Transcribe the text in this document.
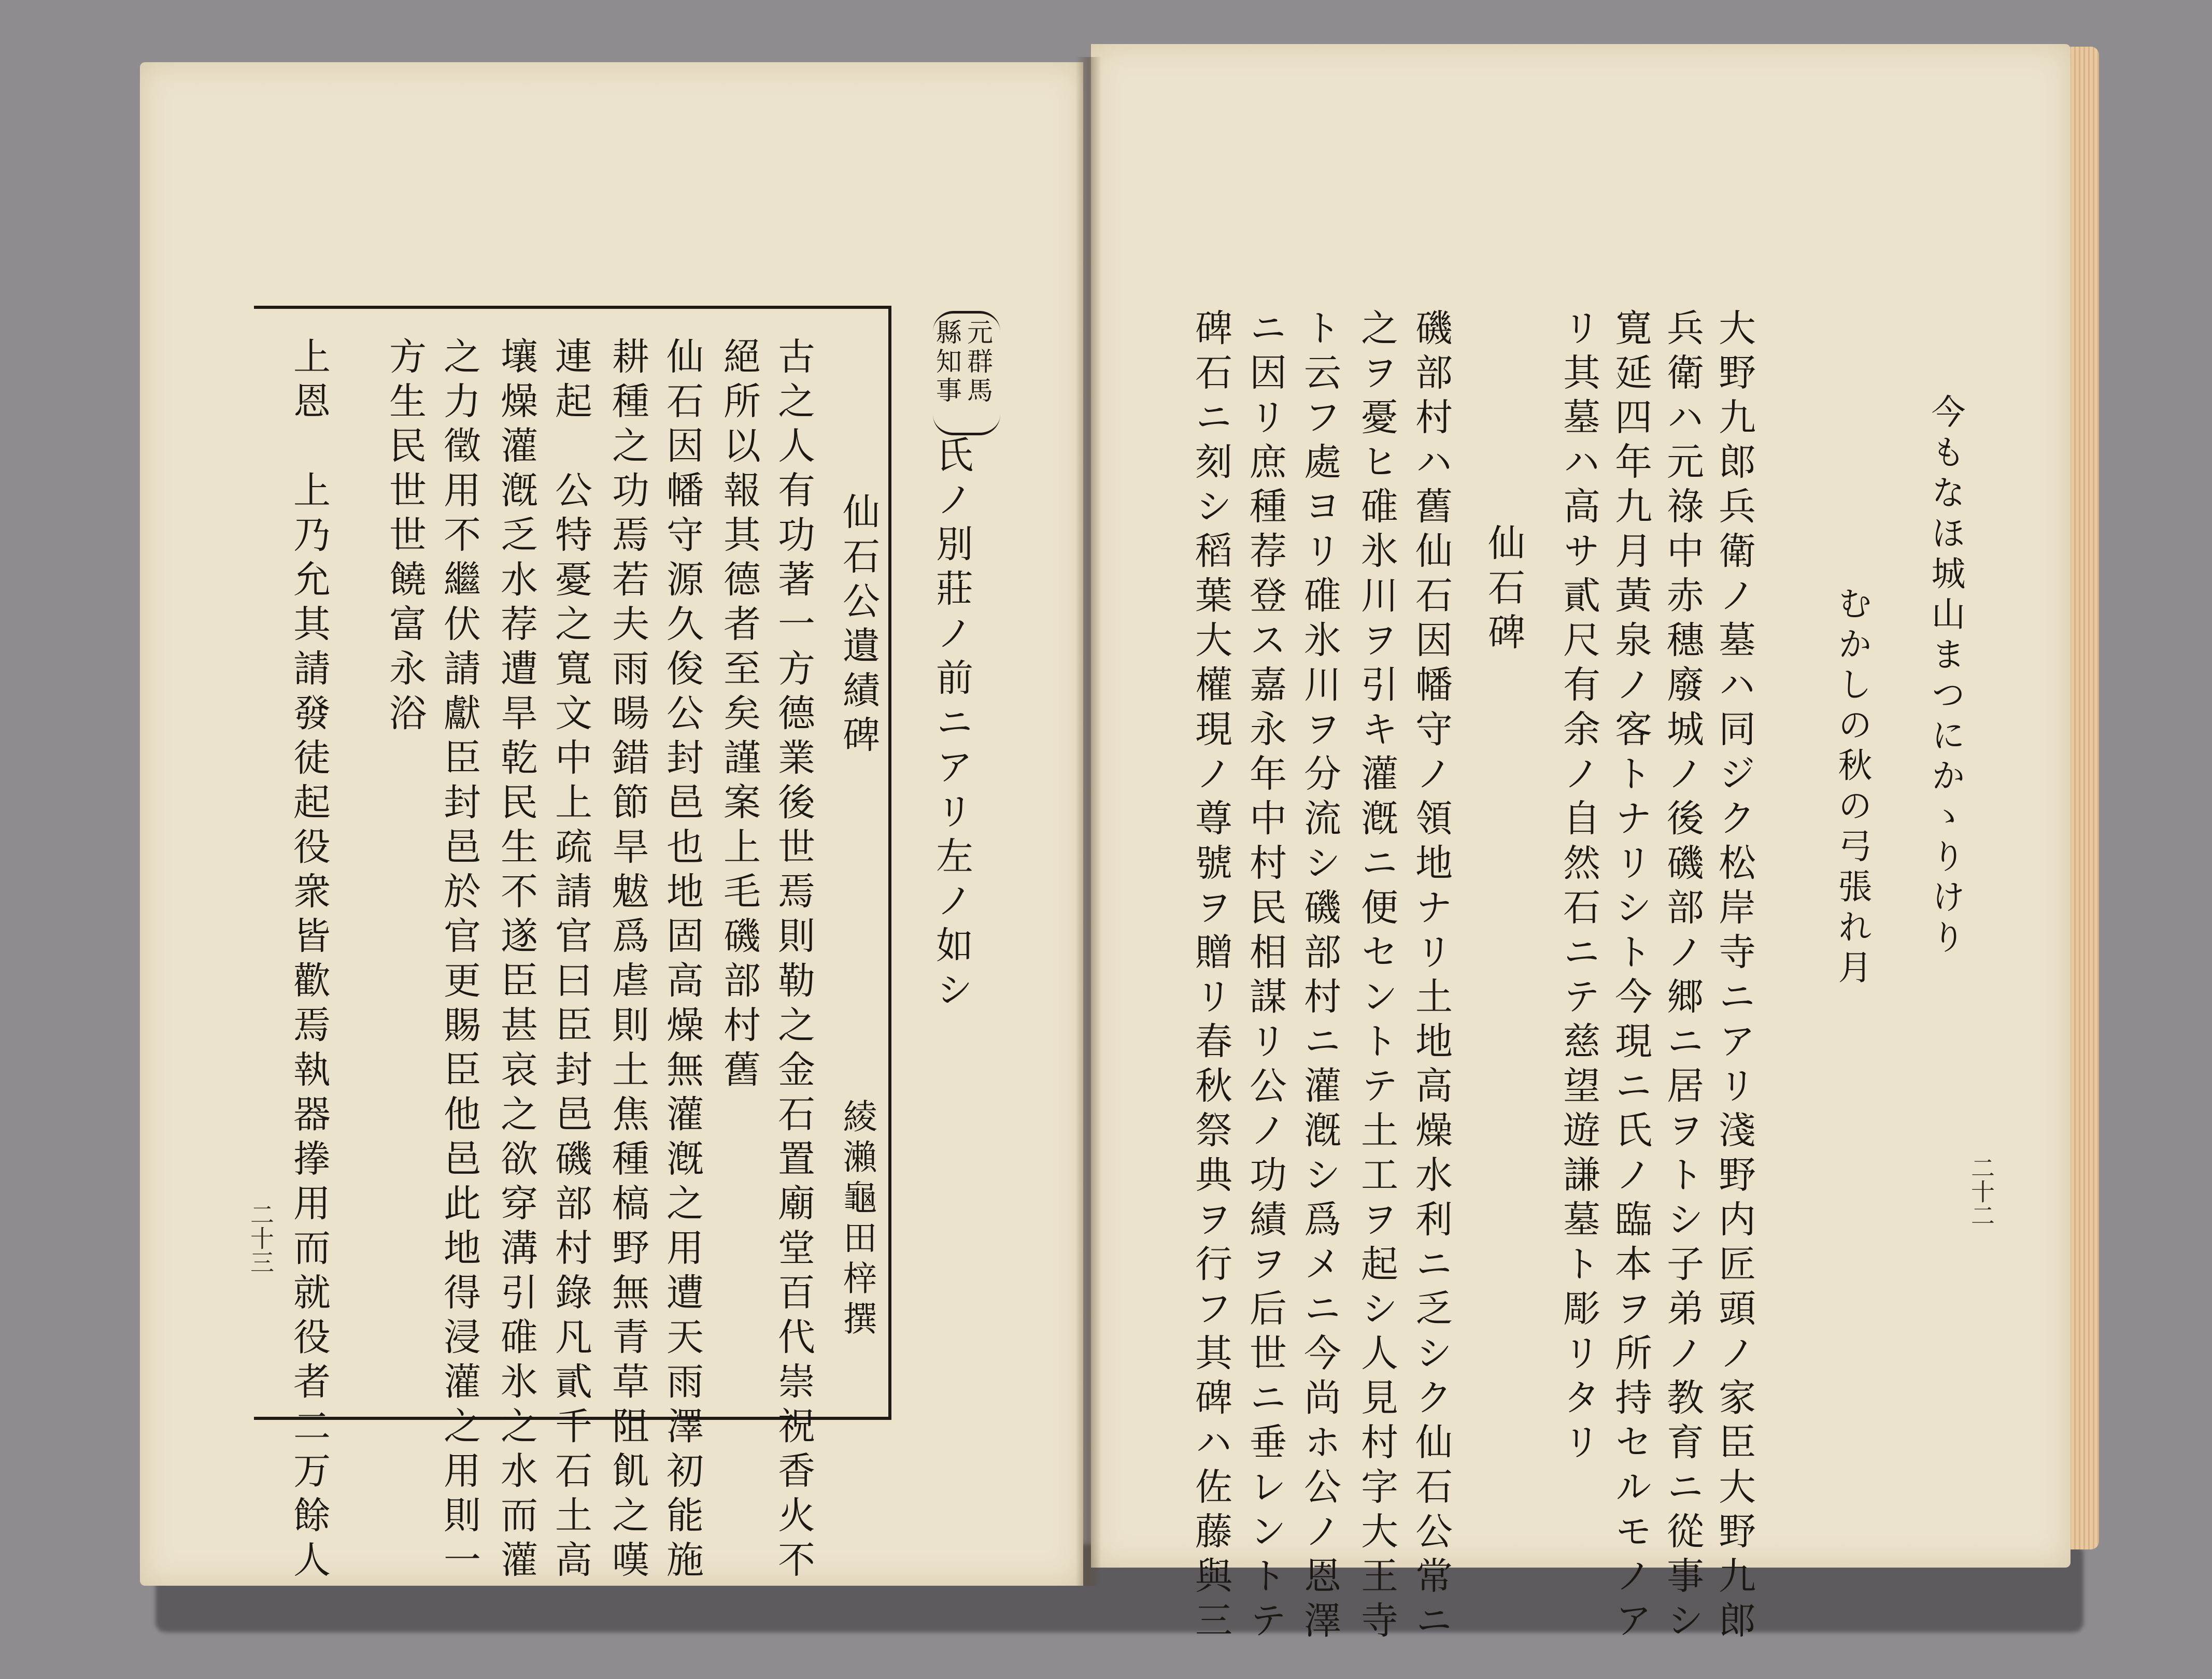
今もなほ城山まつにかゝりけり
むかしの秋の弓張れ月
大野九郎兵衛ノ墓ハ同ジク松岸寺ニアリ淺野内匠頭ノ家臣大野九郎
兵衛ハ元祿中赤穗廢城ノ後磯部ノ郷ニ居ヲトシ子弟ノ教育ニ從事シ
寛延四年九月黃泉ノ客トナリシト今現ニ氏ノ臨本ヲ所持セルモノア
リ其墓ハ高サ貳尺有余ノ自然石ニテ慈望遊謙墓ト彫リタリ
仙石碑
磯部村ハ舊仙石因幡守ノ領地ナリ土地高燥水利ニ乏シク仙石公常ニ
之ヲ憂ヒ碓氷川ヲ引キ灌漑ニ便セントテ土工ヲ起シ人見村字大王寺
ト云フ處ヨリ碓氷川ヲ分流シ磯部村ニ灌漑シ爲メニ今尚ホ公ノ恩澤
ニ因リ庶種荐登ス嘉永年中村民相謀リ公ノ功績ヲ后世ニ垂レントテ
碑石ニ刻シ稻葉大權現ノ尊號ヲ贈リ春秋祭典ヲ行フ其碑ハ佐藤與三	二十二
元群馬
縣知事
氏ノ別莊ノ前ニアリ左ノ如シ
仙石公遺績碑
綾瀨龜田梓撰
古之人有功著一方德業後世焉則勒之金石置廟堂百代崇祝香火不
絕所以報其德者至矣謹案上毛磯部村舊
仙石因幡守源久俊公封邑也地固高燥無灌漑之用遭天雨澤初能施
耕種之功焉若夫雨暘錯節旱魃爲虐則土焦種槁野無青草阻飢之嘆
連起　公特憂之寬文中上疏請官曰臣封邑磯部村錄凡貳千石土高
壤燥灌漑乏水荐遭旱乾民生不遂臣甚哀之欲穿溝引碓氷之水而灌
之力徵用不繼伏請獻臣封邑於官更賜臣他邑此地得浸灌之用則一
方生民世世饒富永浴
上恩　上乃允其請發徒起役衆皆歡焉執器搼用而就役者二万餘人
二十三
